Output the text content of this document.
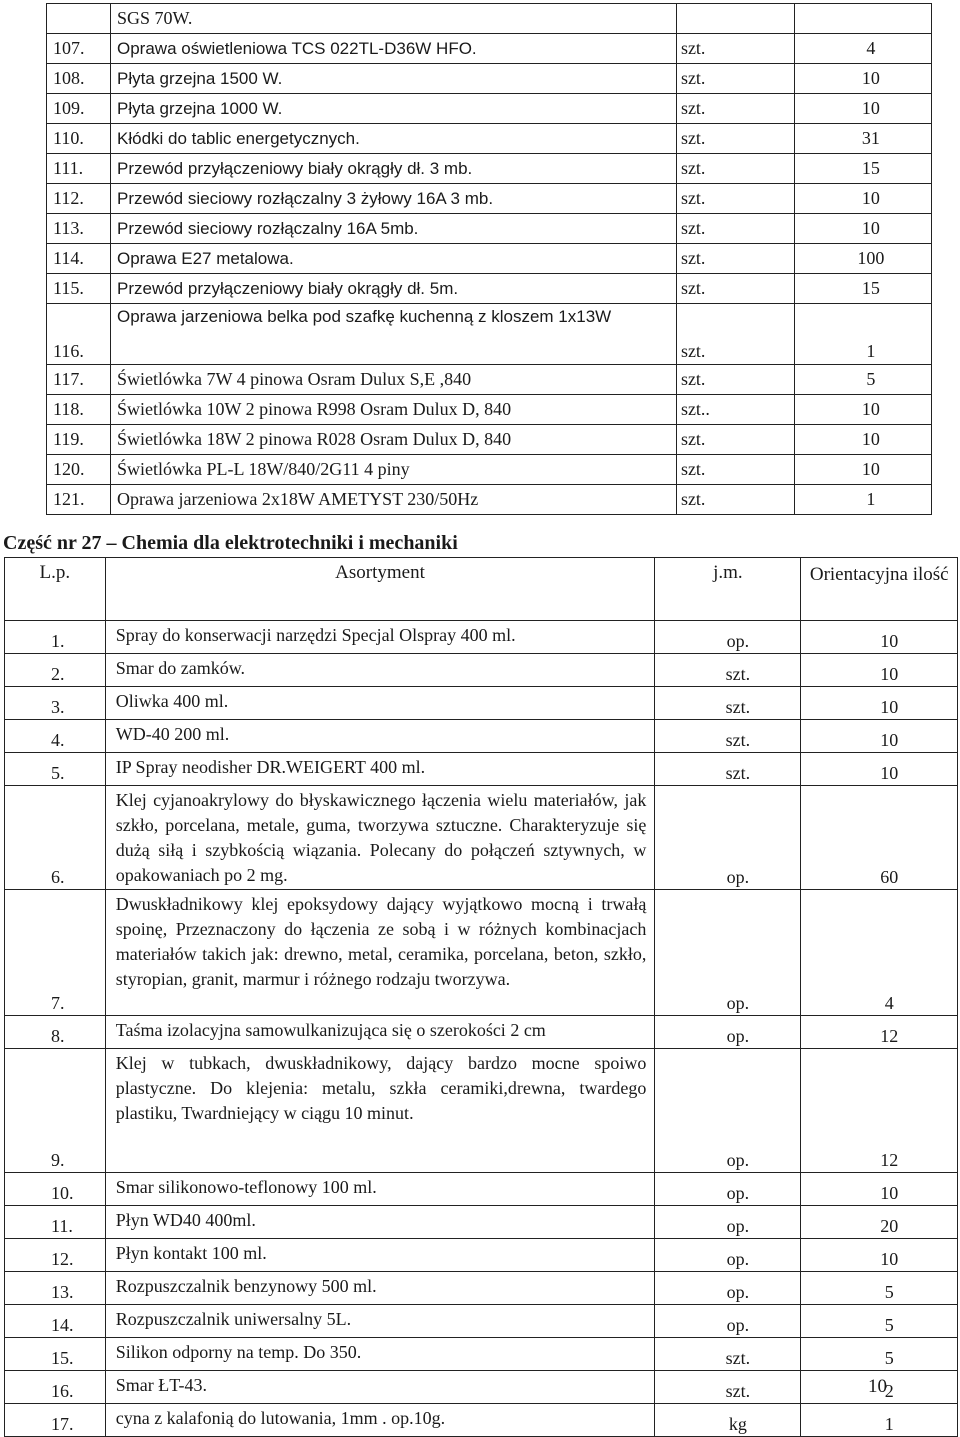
	SGS 70W.		
107.	Oprawa oświetleniowa TCS 022TL-D36W HFO.	szt.	4
108.	Płyta grzejna 1500 W.	szt.	10
109.	Płyta grzejna 1000 W.	szt.	10
110.	Kłódki do tablic energetycznych.	szt.	31
111.	Przewód przyłączeniowy biały okrągły dł. 3 mb.	szt.	15
112.	Przewód sieciowy rozłączalny 3 żyłowy 16A 3 mb.	szt.	10
113.	Przewód sieciowy rozłączalny 16A 5mb.	szt.	10
114.	Oprawa E27 metalowa.	szt.	100
115.	Przewód przyłączeniowy biały okrągły dł. 5m.	szt.	15
116.	Oprawa jarzeniowa belka pod szafkę kuchenną z kloszem 1x13W	szt.	1
117.	Świetlówka 7W 4 pinowa Osram Dulux S,E ,840	szt.	5
118.	Świetlówka 10W 2 pinowa R998 Osram Dulux D, 840	szt..	10
119.	Świetlówka 18W 2 pinowa R028 Osram Dulux D, 840	szt.	10
120.	Świetlówka PL-L 18W/840/2G11 4 piny	szt.	10
121.	Oprawa jarzeniowa 2x18W AMETYST 230/50Hz	szt.	1
Część nr 27 – Chemia dla elektrotechniki i mechaniki
L.p.	Asortyment	j.m.	Orientacyjna ilość
1.	Spray do konserwacji narzędzi Specjal Olspray 400 ml.	op.	10
2.	Smar do zamków.	szt.	10
3.	Oliwka 400 ml.	szt.	10
4.	WD-40 200 ml.	szt.	10
5.	IP Spray neodisher DR.WEIGERT 400 ml.	szt.	10
6.	Klej cyjanoakrylowy do błyskawicznego łączenia wielu materiałów, jak szkło, porcelana, metale, guma, tworzywa sztuczne. Charakteryzuje się dużą siłą i szybkością wiązania. Polecany do połączeń sztywnych, w opakowaniach po 2 mg.	op.	60
7.	Dwuskładnikowy klej epoksydowy dający wyjątkowo mocną i trwałą spoinę, Przeznaczony do łączenia ze sobą i w różnych kombinacjach materiałów takich jak: drewno, metal, ceramika, porcelana, beton, szkło, styropian, granit, marmur i różnego rodzaju tworzywa.	op.	4
8.	Taśma izolacyjna samowulkanizująca się o szerokości 2 cm	op.	12
9.	Klej w tubkach, dwuskładnikowy, dający bardzo mocne spoiwo plastyczne. Do klejenia: metalu, szkła ceramiki,drewna, twardego plastiku, Twardniejący w ciągu 10 minut.	op.	12
10.	Smar silikonowo-teflonowy 100 ml.	op.	10
11.	Płyn WD40 400ml.	op.	20
12.	Płyn kontakt 100 ml.	op.	10
13.	Rozpuszczalnik benzynowy 500 ml.	op.	5
14.	Rozpuszczalnik uniwersalny 5L.	op.	5
15.	Silikon odporny na temp. Do 350.	szt.	5
16.	Smar ŁT-43.	szt.	2
17.	cyna z kalafonią do lutowania, 1mm . op.10g.	kg	1
10
